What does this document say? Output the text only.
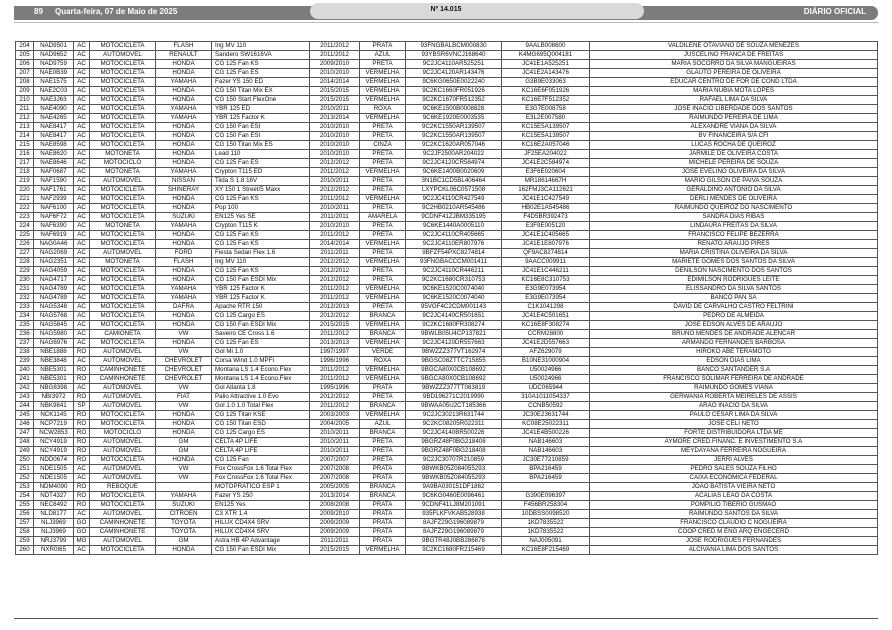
89 Quarta-feira, 07 de Maio de 2025	Nº 14.015	DIÁRIO OFICIAL
204	NAD9501	AC	MOTOCICLETA	FLASH	Ing MV 110	2011/2012	PRATA	93FNGBALBCM000830	9AALB008600	VALDILENE OTAVIANO DE SOUZA MENEZES
205	NAD9652	AC	AUTOMÓVEL	RENAULT	Sandero SW1616VA	2011/2012	AZUL	93YBSR6VNCJ168640	K4MG695Q004181	JUSCELINO FRANCA DE FREITAS
206	NAD9759	AC	MOTOCICLETA	HONDA	CG 125 Fan KS	2009/2010	PRETA	9C2JC4110AR525251	JC41E1A525251	MARIA SOCORRO DA SILVA MANGUEIRAS
207	NAE0B39	AC	MOTOCICLETA	HONDA	CG 125 Fan ES	2010/2010	VERMELHA	9C2JC4120AR143476	JC41E2A143476	GLAUTO PEREIRA DE OLIVEIRA
208	NAE1575	AC	MOTOCICLETA	YAMAHA	Fazer YS 150 ED	2014/2014	VERMELHA	9C6KG0650E0022240	G3B9E033063	EDUCAR CENTRO DE FOR DE COND LTDA
209	NAE2C03	AC	MOTOCICLETA	HONDA	CG 150 Titan Mix EX	2015/2015	VERMELHA	9C2KC1660FR051926	KC16E6F051926	MARIA NUBIA MOTA LOPES
210	NAE3J63	AC	MOTOCICLETA	HONDA	CG 150 Start FlexOne	2015/2015	VERMELHA	9C2KC1670FR512352	KC16E7F512352	RAFAEL LIMA DA SILVA
211	NAE4090	AC	MOTOCICLETA	YAMAHA	YBR 125 ED	2010/2011	ROXA	9C6KE1500B0008828	E3G7E008758	JOSE INACIO LIBERDADE DOS SANTOS
212	NAE4265	AC	MOTOCICLETA	YAMAHA	YBR 125 Factor K	2013/2014	VERMELHA	9C6KE1920E0003535	E3L2E007580	RAIMUNDO PEREIRA DE LIMA
213	NAE8417	AC	MOTOCICLETA	HONDA	CG 150 Fan ESI	2010/2010	PRETA	9C2KC1550AR139507	KC15E5A139507	ALEXANDRE VIANA DA SILVA
214	NAE8417	AC	MOTOCICLETA	HONDA	CG 150 Fan ESI	2010/2010	PRETA	9C2KC1550AR139507	KC15E5A139507	BV FINANCEIRA S/A CFI
215	NAE8598	AC	MOTOCICLETA	HONDA	CG 150 Titan Mix ES	2010/2010	CINZA	9C2KC1620AR057046	KC16E2A057046	LUCAS ROCHA DE QUEIROZ
216	NAE8620	AC	MOTONETA	HONDA	Lead 110	2010/2010	PRETA	9C2JF2500AR204022	JF25EA204022	JARMILE DE OLIVEIRA COSTA
217	NAE8646	AC	MOTOCICLO	HONDA	CG 125 Fan ES	2012/2012	PRETA	9C2JC4120CR584974	JC41E2C584974	MICHELE PEREIRA DE SOUZA
218	NAF0687	AC	MOTONETA	YAMAHA	Crypton T115 ED	2011/2012	VERMELHA	9C6KE1400B0020609	E3F6E020604	JOSE EVELINO OLIVEIRA DA SILVA
219	NAF1590	AC	AUTOMÓVEL	NISSAN	Tiida S 1.8 16V	2010/2011	PRETA	3N1BC1CD5BL406464	MR18614667H	MARIO GILSON DE PAIVA SOUZA
220	NAF1761	AC	MOTOCICLETA	SHINERAY	XY 150 1 Street/5 Maxx	2012/2012	PRETA	LXYPCKL06C0571508	162FMJ3CA112621	GERALDINO ANTONIO DA SILVA
221	NAF2939	AC	MOTOCICLETA	HONDA	CG 125 Fan KS	2011/2012	VERMELHA	9C2JC4110CR427549	JC41E1C427549	DERLI MENDES DE OLIVEIRA
222	NAF6100	AC	MOTOCICLETA	HONDA	Pop 100	2010/2011	PRETA	9C2HB0210AR545486	HB02E1A545486	RAIMUNDO QUEIROZ DO NASCIMENTO
223	NAF6F72	AC	MOTOCICLETA	SUZUKI	EN125 Yes SE	2011/2011	AMARELA	9CDNF41ZJBM335195	F4D5BR392473	SANDRA DIAS RIBAS
224	NAF6390	AC	MOTONETA	YAMAHA	Crypton T115 K	2010/2010	PRETA	9C6KE1440A0005110	E3F9E005120	LINDAURA FREITAS DA SILVA
225	NAF6919	AC	MOTOCICLETA	HONDA	CG 125 Fan KS	2011/2012	PRETA	9C2JC4110CR405665	JC41E1C405665	FRANCISCO FELIPE BEZERRA
226	NAG0A46	AC	MOTOCICLETA	HONDA	CG 125 Fan KS	2014/2014	VERMELHA	9C2JC4110ER807976	JC41E1E807976	RENATO ARAUJO PIRES
227	NAG2069	AC	AUTOMÓVEL	FORD	Fiesta Sedan Flex 1.6	2011/2011	PRETA	9BFZF54PXC8274814	QF9AC8274814	MARIA CRISTINA OLIVEIRA DA SILVA
228	NAG2351	AC	MOTONETA	FLASH	Ing MV 110	2012/2012	VERMELHA	93FNGBACCCM001411	9AACC009911	MARIETE GOMES DOS SANTOS DA SILVA
229	NAG4059	AC	MOTOCICLETA	HONDA	CG 125 Fan KS	2012/2012	PRETA	9C2JC4110CR446211	JC41E1C446211	DENILSON NASCIMENTO DOS SANTOS
230	NAG4717	AC	MOTOCICLETA	HONDA	CG 150 Fan ESDI Mix	2012/2012	PRETA	9C2KC1680CR310753	KC16E8C310753	EDIMILSON RODRIGUES LEITE
231	NAG4789	AC	MOTOCICLETA	YAMAHA	YBR 125 Factor K	2011/2012	VERMELHA	9C6KE1520C0074040	E3G9E073954	ELISSANDRO DA SILVA SANTOS
232	NAG4789	AC	MOTOCICLETA	YAMAHA	YBR 125 Factor K	2011/2012	VERMELHA	9C6KE1520C0074040	E3G9E073954	BANCO PAN SA
233	NAG5348	AC	MOTOCICLETA	DAFRA	Apache RTR 150	2012/2013	PRETA	95VGF4C2CDM001143	C1K1041298	DAVID DE CARVALHO CASTRO FELTRINI
234	NAG5768	AC	MOTOCICLETA	HONDA	CG 125 Cargo ES	2012/2012	BRANCA	9C2JC4140CR501651	JC41E4C501651	PEDRO DE ALMEIDA
235	NAG5845	AC	MOTOCICLETA	HONDA	CG 150 Fan ESDI Mix	2015/2015	VERMELHA	9C2KC1680FR308274	KC16E8F308274	JOSE EDSON ALVES DE ARAUJO
236	NAG5980	AC	CAMIONETA	VW	Saveiro CE Cross 1.6	2011/2012	BRANCA	9BWLB05U4CP137821	CCRM28800	BRUNO MENDES DE ANDRADE ALENCAR
237	NAG6976	AC	MOTOCICLETA	HONDA	CG 125 Fan ES	2013/2013	VERMELHA	9C2JC4120DR557663	JC41E2D557663	ARMANDO FERNANDES BARBOSA
238	NBE1888	RO	AUTOMÓVEL	VW	Gol Mi 1.0	1997/1997	VERDE	9BWZZZ377VT162974	AFZ629079	HIROKO ABE TERAMOTO
239	NBE3848	AC	AUTOMÓVEL	CHEVROLET	Corsa Wind 1.0 MPFI	1996/1996	ROXA	9BGSC08ZTTC715855	B10NE31000904	EDSON DIAS LIMA
240	NBE5301	RO	CAMINHONETE	CHEVROLET	Montana LS 1.4 Econo.Flex	2011/2012	VERMELHA	9BGCA80X0CB108692	U50024966	BANCO SANTANDER S.A
241	NBE5301	RO	CAMINHONETE	CHEVROLET	Montana LS 1.4 Econo.Flex	2011/2012	VERMELHA	9BGCA80X0CB108692	U50024966	FRANCISCO SOLIMAR FERREIRA DE ANDRADE
242	NBG8398	AC	AUTOMÓVEL	VW	Gol Atlanta 1.8	1995/1996	PRATA	9BWZZZ377TT083819	UDC065944	RAIMUNDO GOMES VIANA
243	NBI3972	RO	AUTOMÓVEL	FIAT	Palio Attractive 1.0 Evo	2012/2012	PRETA	9BD196271C2019990	310A1011054337	GERWANIA ROBERTA MEIRELES DE ASSIS
244	NBK9841	SP	AUTOMÓVEL	VW	Gol 1.0 1.0 Total Flex	2011/2012	BRANCA	9BWAA05U2CT185366	CCNB50592	ARAO INACIO DA SILVA
245	NCK1145	RO	MOTOCICLETA	HONDA	CG 125 Titan KSE	2003/2003	VERMELHA	9C2JC30213R631744	JC30E23631744	PAULO CESAR LIMA DA SILVA
246	NCP7219	RO	MOTOCICLETA	HONDA	CG 150 Titan ESD	2004/2005	AZUL	9C2KC08205R022311	KC08E25022311	JOSE CELI NETO
247	NCW2853	RO	MOTOCICLO	HONDA	CG 125 Cargo ES	2010/2011	BRANCA	9C2JC4140BR500226	JC41E4B500226	FORTE DISTRIBUIDORA LTDA ME
248	NCY4919	RO	AUTOMÓVEL	GM	CELTA 4P LIFE	2010/2011	PRETA	9BGRZ48F0BG218408	NAB146603	AYMORE CRED.FINANC. E INVESTIMENTO S.A
249	NCY4919	RO	AUTOMÓVEL	GM	CELTA 4P LIFE	2010/2011	PRETA	9BGRZ48F0BG218408	NAB146603	MEYDAYANA FERREIRA NOGUEIRA
250	NDD0674	RO	MOTOCICLETA	HONDA	CG 125 Fan	2007/2007	PRETA	9C2JC30707R210859	JC30E77210859	JERRI ALVES
251	NDE1505	AC	AUTOMÓVEL	VW	Fox CrossFox 1.6 Total Flex	2007/2008	PRATA	9BWKB05Z084055293	BPA216459	PEDRO SALES SOUZA FILHO
252	NDE1505	AC	AUTOMÓVEL	VW	Fox CrossFox 1.6 Total Flex	2007/2008	PRATA	9BWKB05Z084055293	BPA216459	CAIXA ECONOMICA FEDERAL
253	NDM4090	RO	REBOQUE		MOTOPRATICO ESP 1	2005/2005	BRANCA	9A9BA030151DF1862		JOAO BATISTA VIEIRA NETO
254	NDT4327	RO	MOTOCICLETA	YAMAHA	Fazer YS 250	2013/2014	BRANCA	9C6KG0460E0096461	G390E096397	ACALIAS LEAO DA COSTA
255	NEC8492	RO	MOTOCICLETA	SUZUKI	EN125 Yes	2008/2008	PRATA	9CDNF41LJ8M201091	F456BR258304	POMPILIO TIBERIO GUSMAO
256	NLD8177	AC	AUTOMÓVEL	CITROEN	C3 XTR 1.4	2009/2010	PRATA	935FLKFVKAB528938	10DBSS0098520	RAIMUNDO SANTOS DA SILVA
257	NLJ3969	GO	CAMINHONETE	TOYOTA	HILUX CD4X4 SRV	2009/2009	PRATA	8AJFZ29G196089879	1KD7835522	FRANCISCO CLAUDIO C NOGUEIRA
258	NLJ3969	GO	CAMINHONETE	TOYOTA	HILUX CD4X4 SRV	2009/2009	PRATA	8AJFZ29G196089879	1KD7835522	COOP CRED M ENG ARQ ENGECERD
259	NRJ3799	MG	AUTOMÓVEL	GM	Astra HB 4P Advantage	2011/2011	PRATA	9BGTR48J0BB286878	NAJ005091	JOSE RODRIGUES FERNANDES
260	NXR0I65	AC	MOTOCICLETA	HONDA	CG 150 Fan ESDI Mix	2015/2015	VERMELHA	9C2KC1680FR215469	KC16E8F215469	ALCIVANIA LIMA DOS SANTOS
